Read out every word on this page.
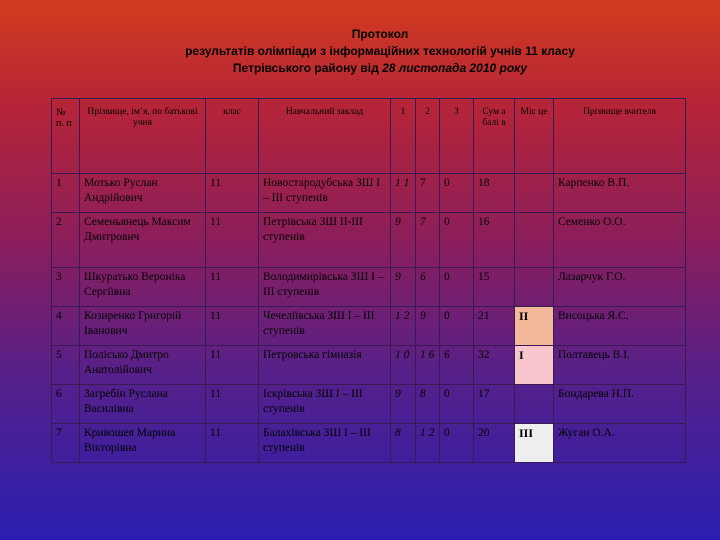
Протокол
результатів олімпіади з інформаційних технологій учнів 11 класу
Петрівського району від 28 листопада 2010 року
№ п. п	Прізвище, ім’я, по батькові учня	клас	Навчальний заклад	1	2	3	Сум а балі в	Міс це	Прізвище вчителя
1	Мотько Руслан Андрійович	11	Новостародубська ЗШ І – ІІІ ступенів	1 1	7	0	18		Карпенко В.П.
2	Семеньянець Максим Дмитрович	11	Петрівська ЗШ ІІ-ІІІ ступенів	9	7	0	16		Семенко О.О.
3	Шкуратько Вероніка Сергіївна	11	Володимирівська ЗШ І – ІІІ ступенів	9	6	0	15		Лазарчук Г.О.
4	Козиренко Григорій Іванович	11	Чечеліївська ЗШ І – ІІІ ступенів	1 2	9	0	21	ІІ	Висоцька Я.С.
5	Полісько Дмитро Анатолійович	11	Петровська гімназія	1 0	1 6	6	32	І	Полтавець В.І.
6	Загребін Руслана Василівна	11	Іскрівська ЗШ І – ІІІ ступенів	9	8	0	17		Бондарева Н.П.
7	Кривошея Марина Вікторівна	11	Балахівська ЗШ І – ІІІ ступенів	8	1 2	0	20	ІІІ	Жуган О.А.
